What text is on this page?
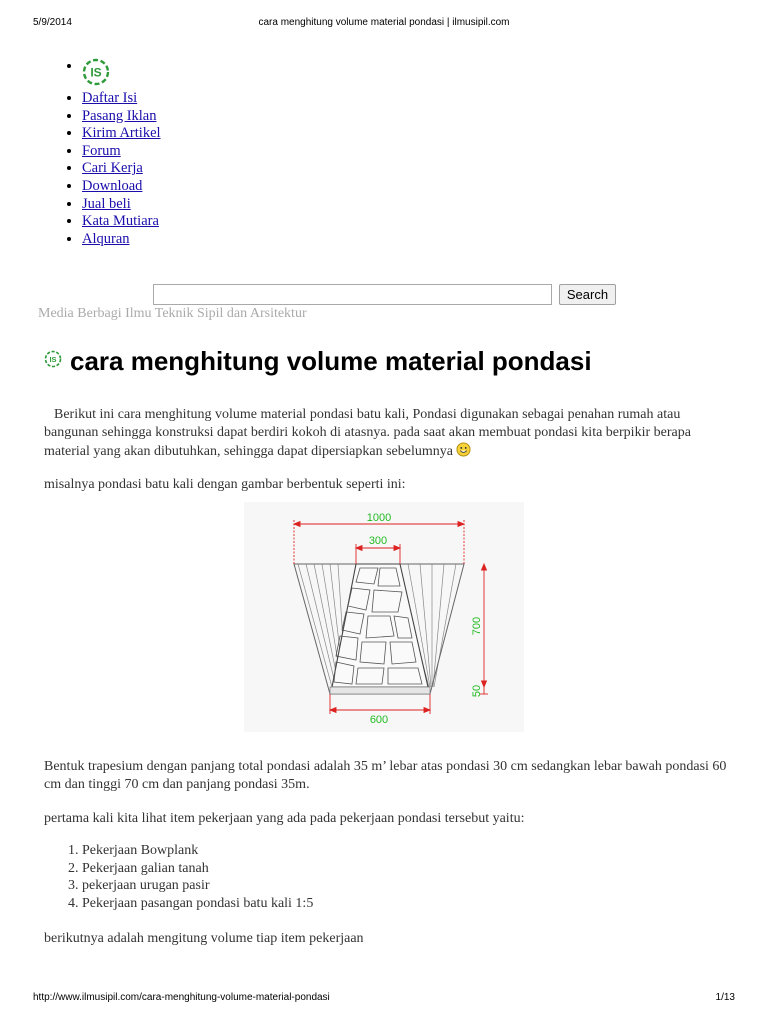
5/9/2014	cara menghitung volume material pondasi | ilmusipil.com
• IS
• Daftar Isi
• Pasang Iklan
• Kirim Artikel
• Forum
• Cari Kerja
• Download
• Jual beli
• Kata Mutiara
• Alquran
Search
Media Berbagi Ilmu Teknik Sipil dan Arsitektur
IS cara menghitung volume material pondasi

Berikut ini cara menghitung volume material pondasi batu kali, Pondasi digunakan sebagai penahan rumah atau bangunan sehingga konstruksi dapat berdiri kokoh di atasnya. pada saat akan membuat pondasi kita berpikir berapa material yang akan dibutuhkan, sehingga dapat dipersiapkan sebelumnya

misalnya pondasi batu kali dengan gambar berbentuk seperti ini:

1000
300
700
50
600

Bentuk trapesium dengan panjang total pondasi adalah 35 m’ lebar atas pondasi 30 cm sedangkan lebar bawah pondasi 60 cm dan tinggi 70 cm dan panjang pondasi 35m.

pertama kali kita lihat item pekerjaan yang ada pada pekerjaan pondasi tersebut yaitu:

1. Pekerjaan Bowplank
2. Pekerjaan galian tanah
3. pekerjaan urugan pasir
4. Pekerjaan pasangan pondasi batu kali 1:5

berikutnya adalah mengitung volume tiap item pekerjaan

http://www.ilmusipil.com/cara-menghitung-volume-material-pondasi	1/13
